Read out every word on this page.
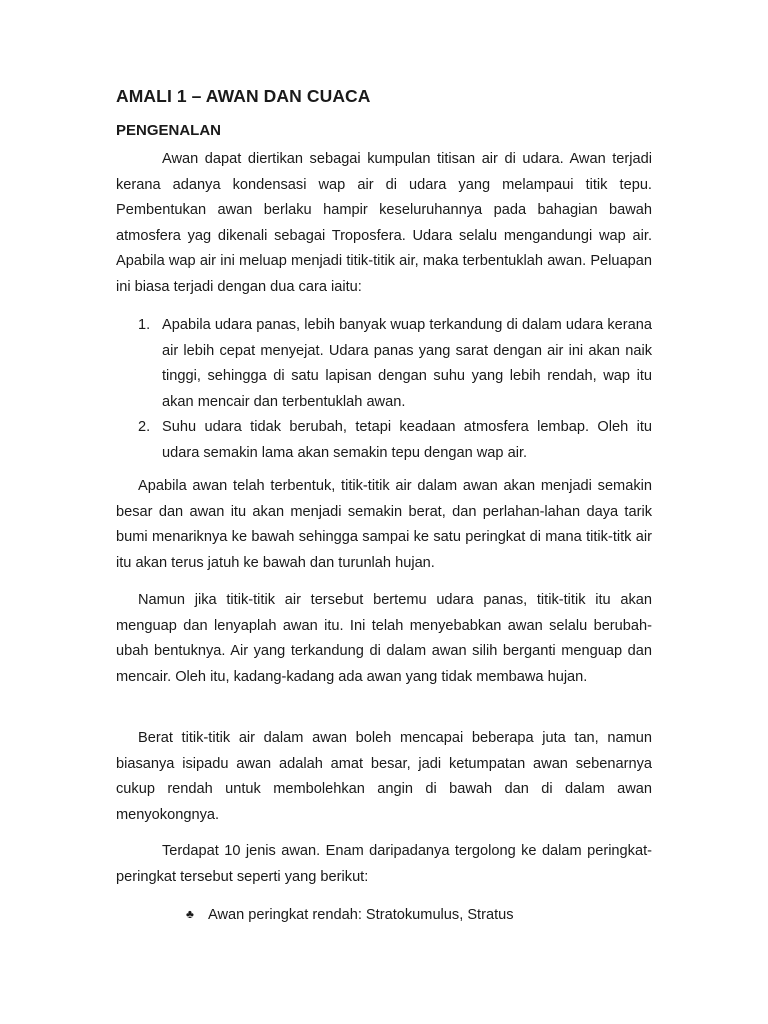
AMALI 1 – AWAN DAN CUACA
PENGENALAN

Awan dapat diertikan sebagai kumpulan titisan air di udara. Awan terjadi kerana adanya kondensasi wap air di udara yang melampaui titik tepu. Pembentukan awan berlaku hampir keseluruhannya pada bahagian bawah atmosfera yag dikenali sebagai Troposfera. Udara selalu mengandungi wap air. Apabila wap air ini meluap menjadi titik-titik air, maka terbentuklah awan. Peluapan ini biasa terjadi dengan dua cara iaitu:

1. Apabila udara panas, lebih banyak wuap terkandung di dalam udara kerana air lebih cepat menyejat. Udara panas yang sarat dengan air ini akan naik tinggi, sehingga di satu lapisan dengan suhu yang lebih rendah, wap itu akan mencair dan terbentuklah awan.
2. Suhu udara tidak berubah, tetapi keadaan atmosfera lembap. Oleh itu udara semakin lama akan semakin tepu dengan wap air.

Apabila awan telah terbentuk, titik-titik air dalam awan akan menjadi semakin besar dan awan itu akan menjadi semakin berat, dan perlahan-lahan daya tarik bumi menariknya ke bawah sehingga sampai ke satu peringkat di mana titik-titk air itu akan terus jatuh ke bawah dan turunlah hujan.

Namun jika titik-titik air tersebut bertemu udara panas, titik-titik itu akan menguap dan lenyaplah awan itu. Ini telah menyebabkan awan selalu berubah-ubah bentuknya. Air yang terkandung di dalam awan silih berganti menguap dan mencair. Oleh itu, kadang-kadang ada awan yang tidak membawa hujan.

Berat titik-titik air dalam awan boleh mencapai beberapa juta tan, namun biasanya isipadu awan adalah amat besar, jadi ketumpatan awan sebenarnya cukup rendah untuk membolehkan angin di bawah dan di dalam awan menyokongnya.

Terdapat 10 jenis awan. Enam daripadanya tergolong ke dalam peringkat-peringkat tersebut seperti yang berikut:

♣ Awan peringkat rendah: Stratokumulus, Stratus
